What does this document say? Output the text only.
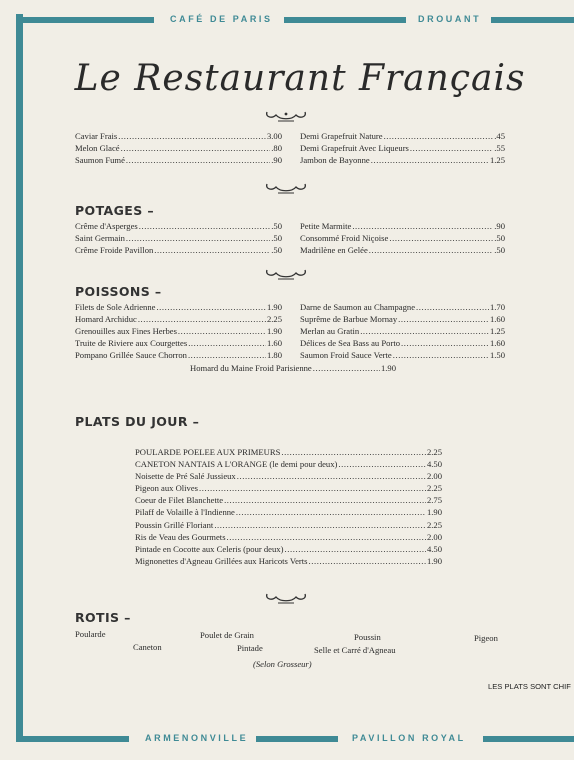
CAFÉ DE PARIS	DROUANT
Le Restaurant Français
Caviar Frais .....	3.00
Melon Glacé .....	.80
Saumon Fumé .....	.90
Demi Grapefruit Nature .....	.45
Demi Grapefruit Avec Liqueurs .....	.55
Jambon de Bayonne .....	1.25
POTAGES –
Crême d'Asperges .....	.50
Saint Germain .....	.50
Crême Froide Pavillon .....	.50
Petite Marmite .....	.90
Consommé Froid Niçoise .....	.50
Madrilène en Gelée .....	.50
POISSONS –
Filets de Sole Adrienne .....	1.90
Homard Archiduc .....	2.25
Grenouilles aux Fines Herbes .....	1.90
Truite de Riviere aux Courgettes .....	1.60
Pompano Grillée Sauce Chorron .....	1.80
Darne de Saumon au Champagne .....	1.70
Suprême de Barbue Mornay .....	1.60
Merlan au Gratin .....	1.25
Délices de Sea Bass au Porto .....	1.60
Saumon Froid Sauce Verte .....	1.50
Homard du Maine Froid Parisienne .....	1.90
PLATS DU JOUR –
POULARDE POELEE AUX PRIMEURS .....	2.25
CANETON NANTAIS A L'ORANGE (le demi pour deux) .....	4.50
Noisette de Pré Salé Jussieux .....	2.00
Pigeon aux Olives .....	2.25
Coeur de Filet Blanchette .....	2.75
Pilaff de Volaille à l'Indienne .....	1.90
Poussin Grillé Floriant .....	2.25
Ris de Veau des Gourmets .....	2.00
Pintade en Cocotte aux Celeris (pour deux) .....	4.50
Mignonettes d'Agneau Grillées aux Haricots Verts .....	1.90
ROTIS –
Poularde
Caneton
Poulet de Grain
Pintade
Poussin
Selle et Carré d'Agneau
Pigeon
(Selon Grosseur)
LES PLATS SONT CHIF
ARMENONVILLE	PAVILLON ROYAL
